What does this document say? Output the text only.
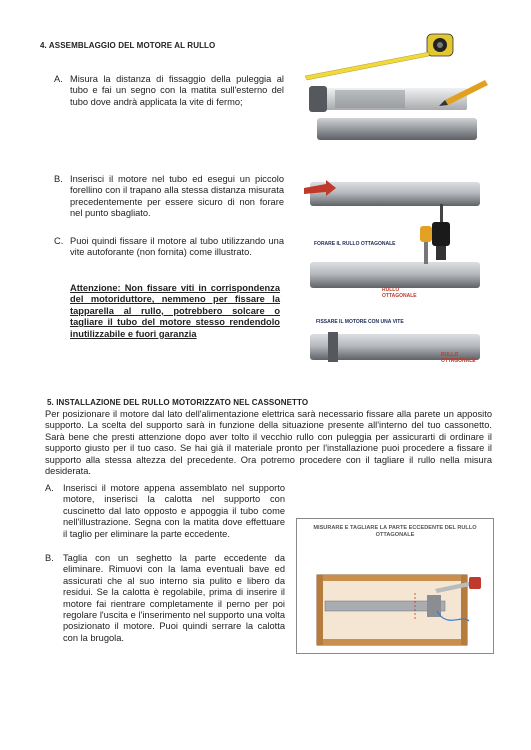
4. ASSEMBLAGGIO DEL MOTORE AL RULLO
A. Misura la distanza di fissaggio della puleggia al tubo e fai un segno con la matita sull'esterno del tubo dove andrà applicata la vite di fermo;
B. Inserisci il motore nel tubo ed esegui un piccolo forellino con il trapano alla stessa distanza misurata precedentemente per essere sicuro di non forare nel punto sbagliato.
C. Puoi quindi fissare il motore al tubo utilizzando una vite autoforante (non fornita) come illustrato.
Attenzione: Non fissare viti in corrispondenza del motoriduttore, nemmeno per fissare la tapparella al rullo, potrebbero solcare o tagliare il tubo del motore stesso rendendolo inutilizzabile e fuori garanzia
FORARE IL RULLO OTTAGONALE
RULLO OTTAGONALE
FISSARE IL MOTORE CON UNA VITE
RULLO OTTAGONALE
5. INSTALLAZIONE DEL RULLO MOTORIZZATO NEL CASSONETTO
Per posizionare il motore dal lato dell'alimentazione elettrica sarà necessario fissare alla parete un apposito supporto. La scelta del supporto sarà in funzione della situazione presente all'interno del tuo cassonetto. Sarà bene che presti attenzione dopo aver tolto il vecchio rullo con puleggia per assicurarti di ordinare il supporto giusto per il tuo caso. Se hai già il materiale pronto per l'installazione puoi procedere a fissare il supporto alla stessa altezza del precedente. Ora potremo procedere con il tagliare il rullo nella misura desiderata.
A. Inserisci il motore appena assemblato nel supporto motore, inserisci la calotta nel supporto con cuscinetto dal lato opposto e appoggia il tubo come nell'illustrazione. Segna con la matita dove effettuare il taglio per eliminare la parte eccedente.
B. Taglia con un seghetto la parte eccedente da eliminare. Rimuovi con la lama eventuali bave ed assicurati che al suo interno sia pulito e libero da residui. Se la calotta è regolabile, prima di inserire il motore fai rientrare completamente il perno per poi regolare l'uscita e l'inserimento nel supporto una volta posizionato il motore. Puoi quindi serrare la calotta con la brugola.
MISURARE E TAGLIARE LA PARTE ECCEDENTE DEL RULLO OTTAGONALE
